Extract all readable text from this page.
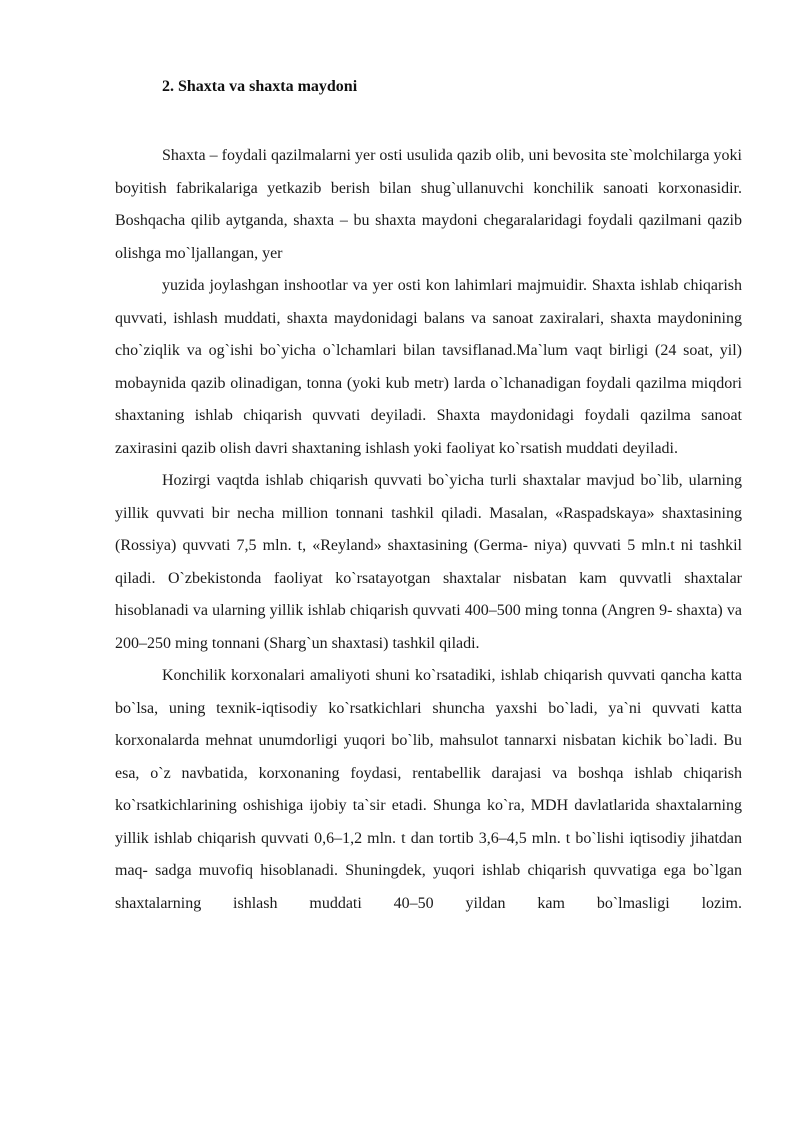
2. Shaxta va shaxta maydoni

Shaxta – foydali qazilmalarni yer osti usulida qazib olib, uni bevosita ste`molchilarga yoki boyitish fabrikalariga yetkazib berish bilan shug`ullanuvchi konchilik sanoati korxonasidir. Boshqacha qilib aytganda, shaxta – bu shaxta maydoni chegaralaridagi foydali qazilmani qazib olishga mo`ljallangan, yer

yuzida joylashgan inshootlar va yer osti kon lahimlari majmuidir. Shaxta ishlab chiqarish quvvati, ishlash muddati, shaxta maydonidagi balans va sanoat zaxiralari, shaxta maydonining cho`ziqlik va og`ishi bo`yicha o`lchamlari bilan tavsiflanad.Ma`lum vaqt birligi (24 soat, yil) mobaynida qazib olinadigan, tonna (yoki kub metr) larda o`lchanadigan foydali qazilma miqdori shaxtaning ishlab chiqarish quvvati deyiladi. Shaxta maydonidagi foydali qazilma sanoat zaxirasini qazib olish davri shaxtaning ishlash yoki faoliyat ko`rsatish muddati deyiladi.

Hozirgi vaqtda ishlab chiqarish quvvati bo`yicha turli shaxtalar mavjud bo`lib, ularning yillik quvvati bir necha million tonnani tashkil qiladi. Masalan, «Raspadskaya» shaxtasining (Rossiya) quvvati 7,5 mln. t, «Reyland» shaxtasining (Germa- niya) quvvati 5 mln.t ni tashkil qiladi. O`zbekistonda faoliyat ko`rsatayotgan shaxtalar nisbatan kam quvvatli shaxtalar hisoblanadi va ularning yillik ishlab chiqarish quvvati 400–500 ming tonna (Angren 9- shaxta) va 200–250 ming tonnani (Sharg`un shaxtasi) tashkil qiladi.

Konchilik korxonalari amaliyoti shuni ko`rsatadiki, ishlab chiqarish quvvati qancha katta bo`lsa, uning texnik-iqtisodiy ko`rsatkichlari shuncha yaxshi bo`ladi, ya`ni quvvati katta korxonalarda mehnat unumdorligi yuqori bo`lib, mahsulot tannarxi nisbatan kichik bo`ladi. Bu esa, o`z navbatida, korxonaning foydasi, rentabellik darajasi va boshqa ishlab chiqarish ko`rsatkichlarining oshishiga ijobiy ta`sir etadi. Shunga ko`ra, MDH davlatlarida shaxtalarning yillik ishlab chiqarish quvvati 0,6–1,2 mln. t dan tortib 3,6–4,5 mln. t bo`lishi iqtisodiy jihatdan maq- sadga muvofiq hisoblanadi. Shuningdek, yuqori ishlab chiqarish quvvatiga ega bo`lgan shaxtalarning ishlash muddati 40–50 yildan kam bo`lmasligi lozim.
